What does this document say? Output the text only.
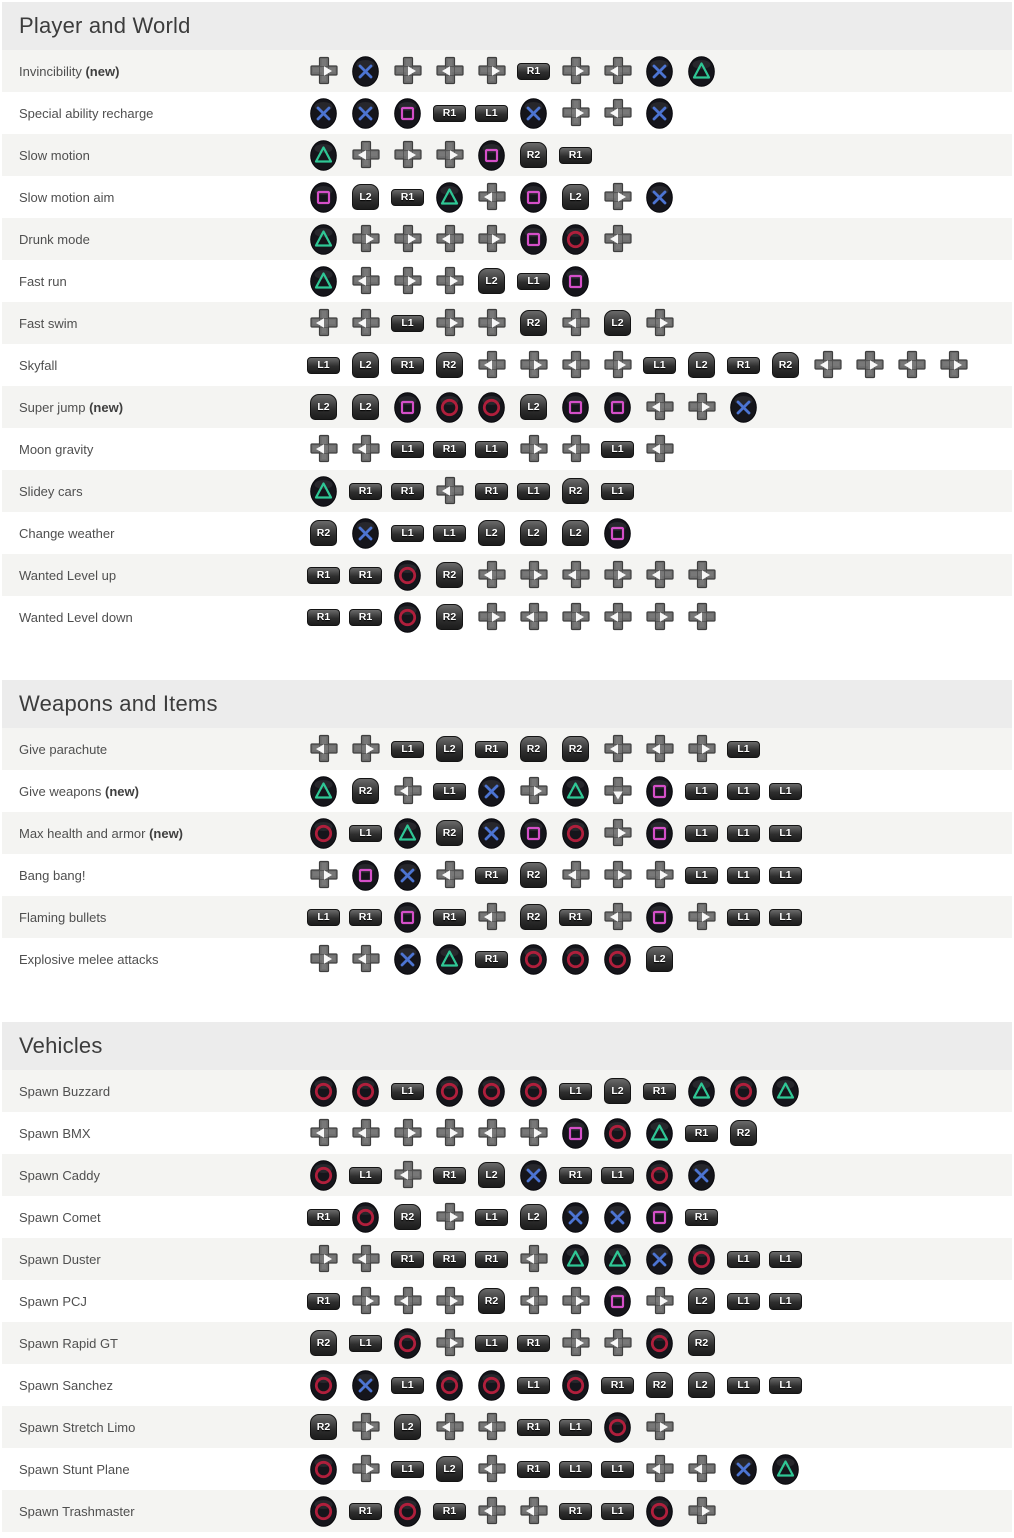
Player and World
Invincibility (new)	R1
Special ability recharge	R1	L1
Slow motion	R2	R1
Slow motion aim	L2	R1	L2
Drunk mode
Fast run	L2	L1
Fast swim	L1	R2	L2
Skyfall	L1	L2	R1	R2	L1	L2	R1	R2
Super jump (new)	L2	L2	L2
Moon gravity	L1	R1	L1	L1
Slidey cars	R1	R1	R1	L1	R2	L1
Change weather	R2	L1	L1	L2	L2	L2
Wanted Level up	R1	R1	R2
Wanted Level down	R1	R1	R2
Weapons and Items
Give parachute	L1	L2	R1	R2	R2	L1
Give weapons (new)	R2	L1	L1	L1	L1
Max health and armor (new)	L1	R2	L1	L1	L1
Bang bang!	R1	R2	L1	L1	L1
Flaming bullets	L1	R1	R1	R2	R1	L1	L1
Explosive melee attacks	R1	L2
Vehicles
Spawn Buzzard	L1	L1	L2	R1
Spawn BMX	R1	R2
Spawn Caddy	L1	R1	L2	R1	L1
Spawn Comet	R1	R2	L1	L2	R1
Spawn Duster	R1	R1	R1	L1	L1
Spawn PCJ	R1	R2	L2	L1	L1
Spawn Rapid GT	R2	L1	L1	R1	R2
Spawn Sanchez	L1	L1	R1	R2	L2	L1	L1
Spawn Stretch Limo	R2	L2	R1	L1
Spawn Stunt Plane	L1	L2	R1	L1	L1
Spawn Trashmaster	R1	R1	R1	L1
